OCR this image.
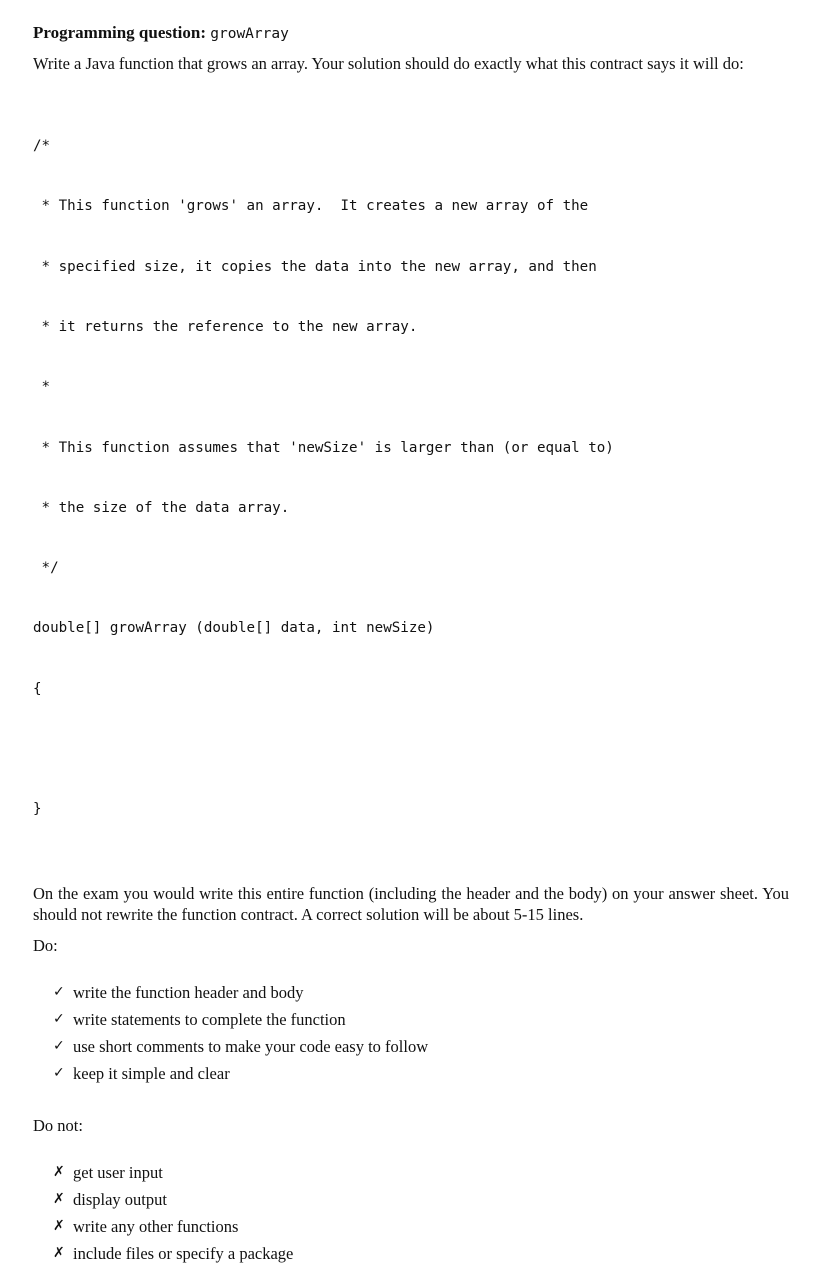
Programming question: growArray
Write a Java function that grows an array. Your solution should do exactly what this contract says it will do:

/*

* This function 'grows' an array.  It creates a new array of the

* specified size, it copies the data into the new array, and then

* it returns the reference to the new array.

*

* This function assumes that 'newSize' is larger than (or equal to)

* the size of the data array.

*/

double[] growArray (double[] data, int newSize)

{

}

On the exam you would write this entire function (including the header and the body) on your answer sheet. You should not rewrite the function contract. A correct solution will be about 5-15 lines.
Do:
✓ write the function header and body
✓ write statements to complete the function
✓ use short comments to make your code easy to follow
✓ keep it simple and clear
Do not:
✗ get user input
✗ display output
✗ write any other functions
✗ include files or specify a package
